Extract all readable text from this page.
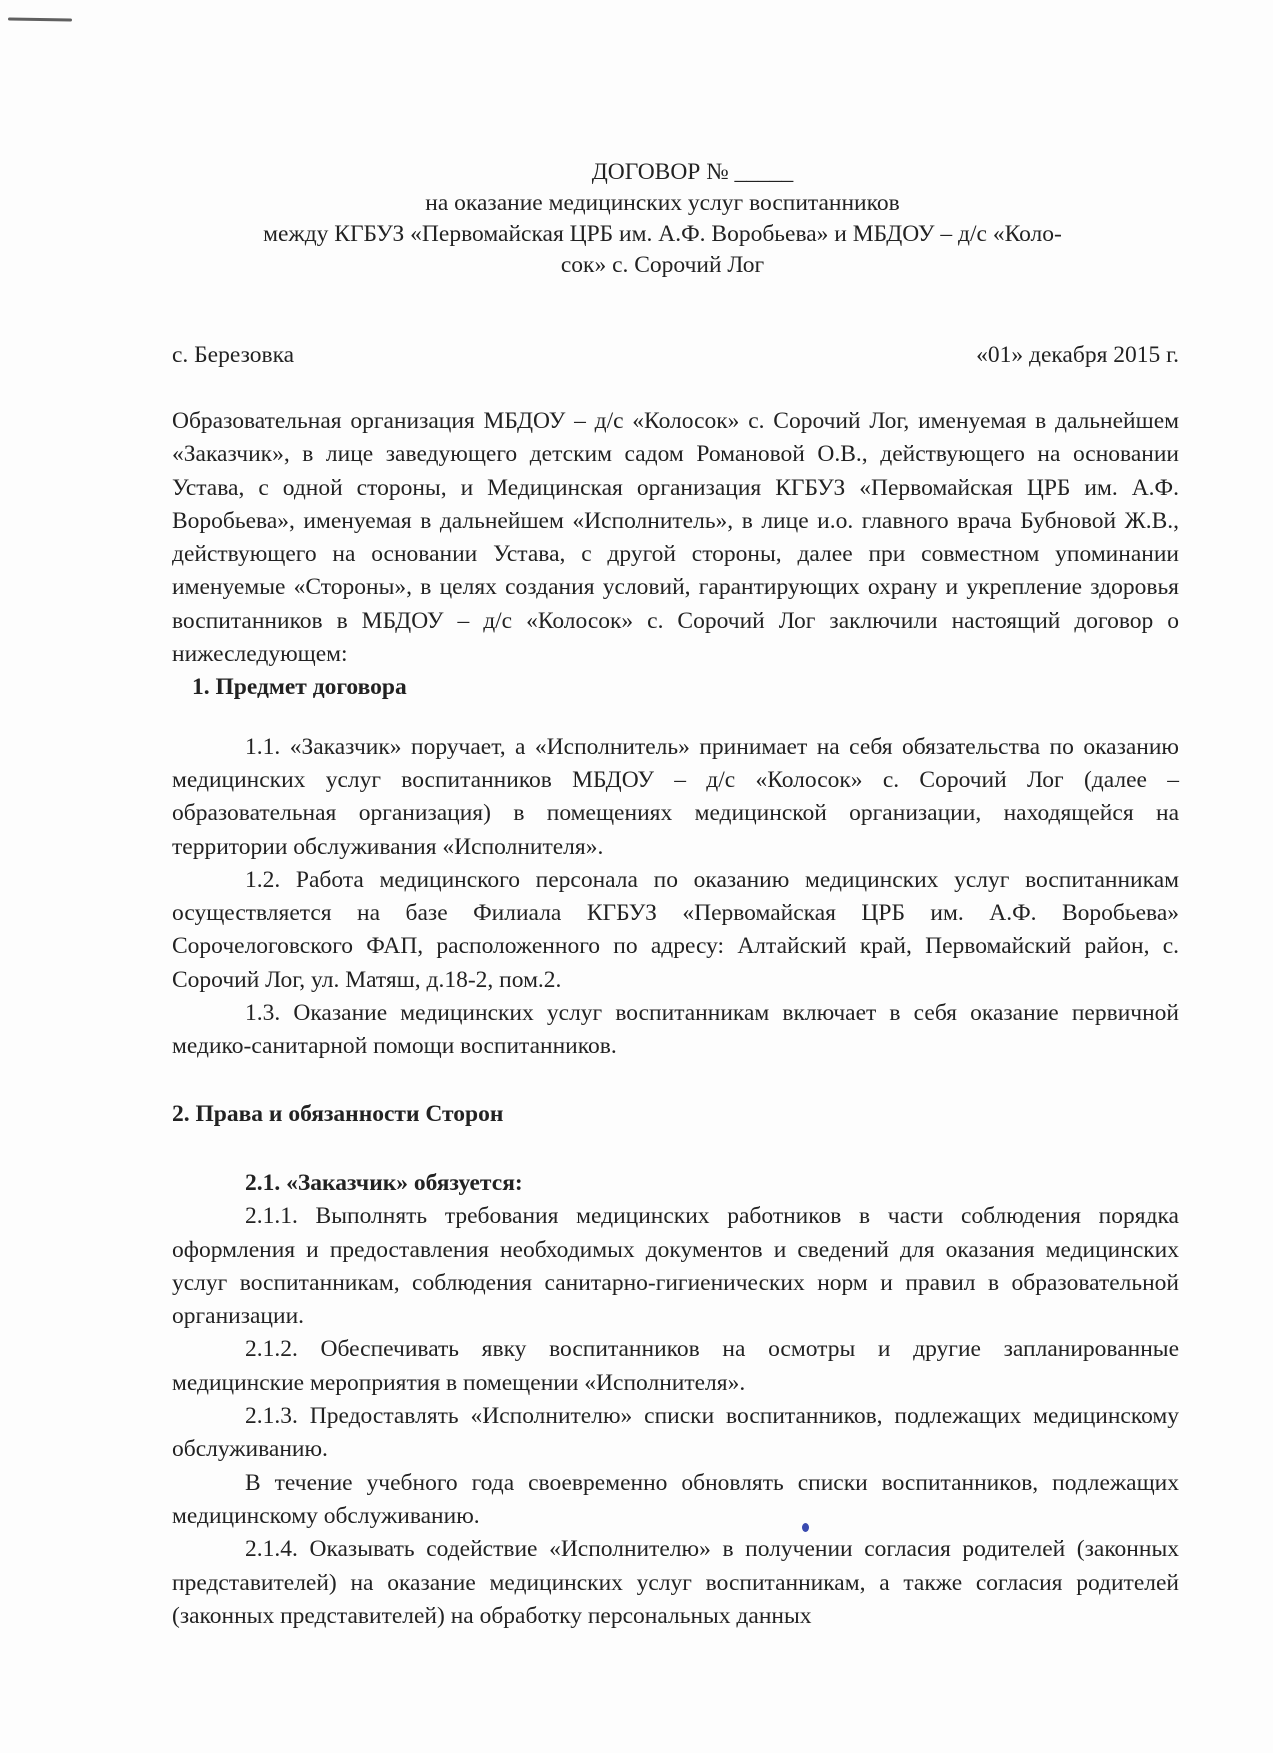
ДОГОВОР № _____
на оказание медицинских услуг воспитанников
между КГБУЗ «Первомайская ЦРБ им. А.Ф. Воробьева» и МБДОУ – д/с «Коло-
сок» с. Сорочий Лог
с. Березовка	«01» декабря 2015 г.

Образовательная организация МБДОУ – д/с «Колосок» с. Сорочий Лог, именуемая в дальнейшем «Заказчик», в лице заведующего детским садом Романовой О.В., действующего на основании Устава, с одной стороны, и Медицинская организация КГБУЗ «Первомайская ЦРБ им. А.Ф. Воробьева», именуемая в дальнейшем «Исполнитель», в лице и.о. главного врача Бубновой Ж.В., действующего на основании Устава, с другой стороны, далее при совместном упоминании именуемые «Стороны», в целях создания условий, гарантирующих охрану и укрепление здоровья воспитанников в МБДОУ – д/с «Колосок» с. Сорочий Лог заключили настоящий договор о нижеследующем:

1. Предмет договора

1.1. «Заказчик» поручает, а «Исполнитель» принимает на себя обязательства по оказанию медицинских услуг воспитанников МБДОУ – д/с «Колосок» с. Сорочий Лог (далее – образовательная организация) в помещениях медицинской организации, находящейся на территории обслуживания «Исполнителя».

1.2. Работа медицинского персонала по оказанию медицинских услуг воспитанникам осуществляется на базе Филиала КГБУЗ «Первомайская ЦРБ им. А.Ф. Воробьева» Сорочелоговского ФАП, расположенного по адресу: Алтайский край, Первомайский район, с. Сорочий Лог, ул. Матяш, д.18-2, пом.2.

1.3. Оказание медицинских услуг воспитанникам включает в себя оказание первичной медико-санитарной помощи воспитанников.

2. Права и обязанности Сторон

2.1. «Заказчик» обязуется:

2.1.1. Выполнять требования медицинских работников в части соблюдения порядка оформления и предоставления необходимых документов и сведений для оказания медицинских услуг воспитанникам, соблюдения санитарно-гигиенических норм и правил в образовательной организации.

2.1.2. Обеспечивать явку воспитанников на осмотры и другие запланированные медицинские мероприятия в помещении «Исполнителя».

2.1.3. Предоставлять «Исполнителю» списки воспитанников, подлежащих медицинскому обслуживанию.

В течение учебного года своевременно обновлять списки воспитанников, подлежащих медицинскому обслуживанию.

2.1.4. Оказывать содействие «Исполнителю» в получении согласия родителей (законных представителей) на оказание медицинских услуг воспитанникам, а также согласия родителей (законных представителей) на обработку персональных данных
